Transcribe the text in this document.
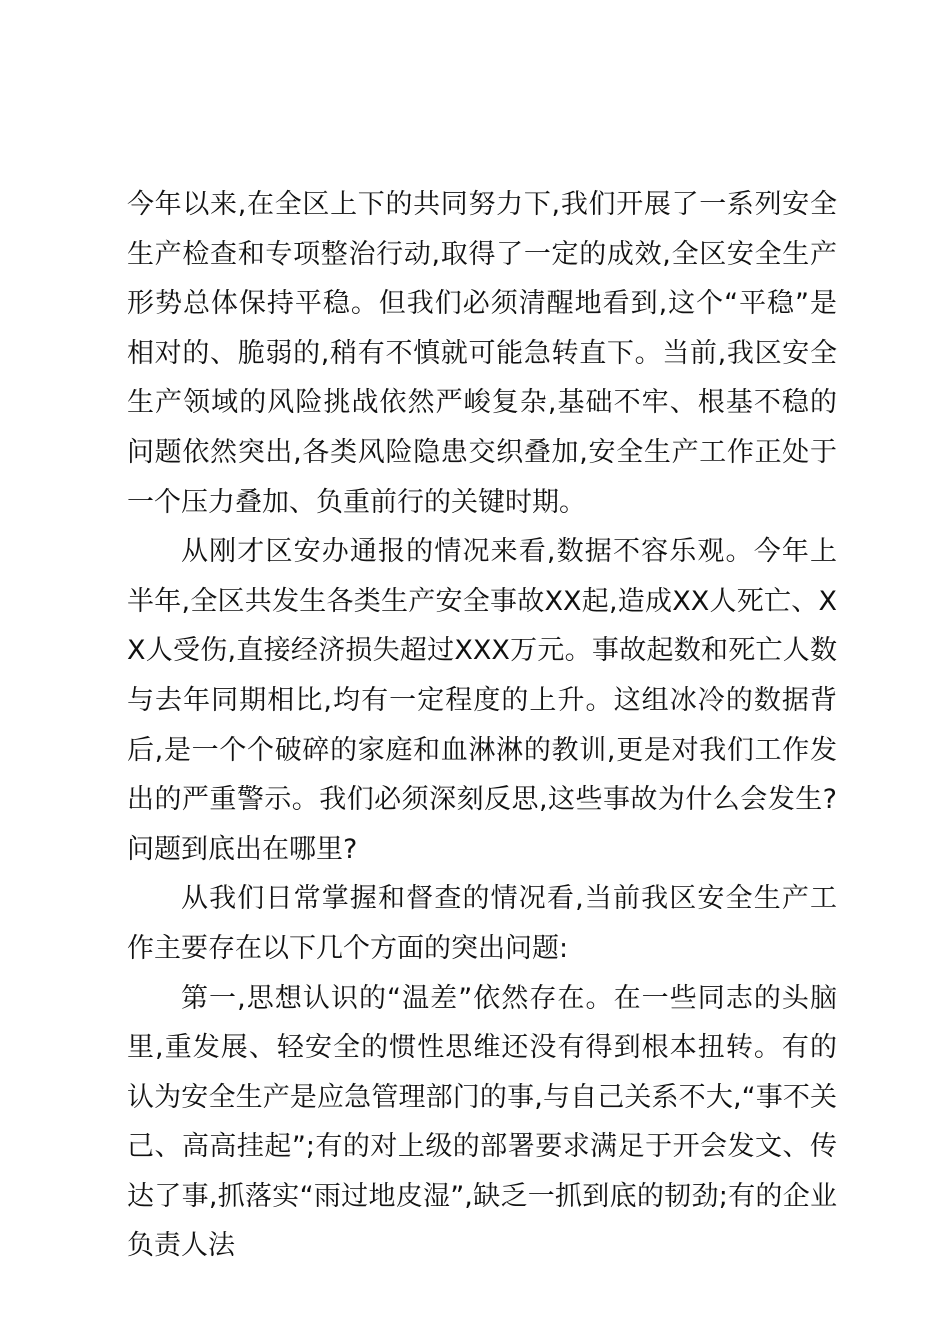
今年以来,在全区上下的共同努力下,我们开展了一系列安全生产检查和专项整治行动,取得了一定的成效,全区安全生产形势总体保持平稳。但我们必须清醒地看到,这个“平稳”是相对的、脆弱的,稍有不慎就可能急转直下。当前,我区安全生产领域的风险挑战依然严峻复杂,基础不牢、根基不稳的问题依然突出,各类风险隐患交织叠加,安全生产工作正处于一个压力叠加、负重前行的关键时期。

从刚才区安办通报的情况来看,数据不容乐观。今年上半年,全区共发生各类生产安全事故XX起,造成XX人死亡、XX人受伤,直接经济损失超过XXX万元。事故起数和死亡人数与去年同期相比,均有一定程度的上升。这组冰冷的数据背后,是一个个破碎的家庭和血淋淋的教训,更是对我们工作发出的严重警示。我们必须深刻反思,这些事故为什么会发生?问题到底出在哪里?

从我们日常掌握和督查的情况看,当前我区安全生产工作主要存在以下几个方面的突出问题:

第一,思想认识的“温差”依然存在。在一些同志的头脑里,重发展、轻安全的惯性思维还没有得到根本扭转。有的认为安全生产是应急管理部门的事,与自己关系不大,“事不关己、高高挂起”;有的对上级的部署要求满足于开会发文、传达了事,抓落实“雨过地皮湿”,缺乏一抓到底的韧劲;有的企业负责人法
